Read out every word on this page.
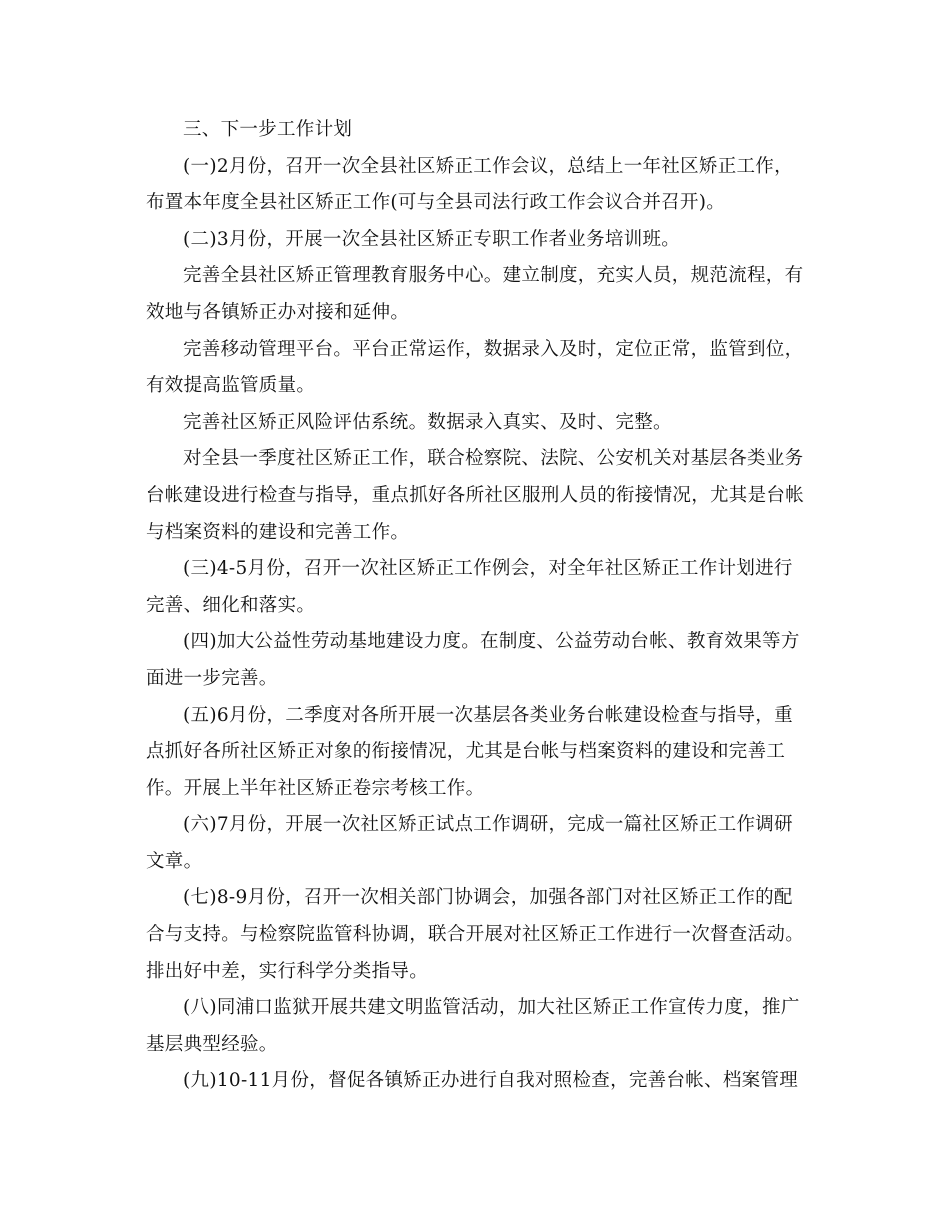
三、下一步工作计划
(一)2月份，召开一次全县社区矫正工作会议，总结上一年社区矫正工作，
布置本年度全县社区矫正工作(可与全县司法行政工作会议合并召开)。
(二)3月份，开展一次全县社区矫正专职工作者业务培训班。
完善全县社区矫正管理教育服务中心。建立制度，充实人员，规范流程，有
效地与各镇矫正办对接和延伸。
完善移动管理平台。平台正常运作，数据录入及时，定位正常，监管到位，
有效提高监管质量。
完善社区矫正风险评估系统。数据录入真实、及时、完整。
对全县一季度社区矫正工作，联合检察院、法院、公安机关对基层各类业务
台帐建设进行检查与指导，重点抓好各所社区服刑人员的衔接情况，尤其是台帐
与档案资料的建设和完善工作。
(三)4-5月份，召开一次社区矫正工作例会，对全年社区矫正工作计划进行
完善、细化和落实。
(四)加大公益性劳动基地建设力度。在制度、公益劳动台帐、教育效果等方
面进一步完善。
(五)6月份，二季度对各所开展一次基层各类业务台帐建设检查与指导，重
点抓好各所社区矫正对象的衔接情况，尤其是台帐与档案资料的建设和完善工
作。开展上半年社区矫正卷宗考核工作。
(六)7月份，开展一次社区矫正试点工作调研，完成一篇社区矫正工作调研
文章。
(七)8-9月份，召开一次相关部门协调会，加强各部门对社区矫正工作的配
合与支持。与检察院监管科协调，联合开展对社区矫正工作进行一次督查活动。
排出好中差，实行科学分类指导。
(八)同浦口监狱开展共建文明监管活动，加大社区矫正工作宣传力度，推广
基层典型经验。
(九)10-11月份，督促各镇矫正办进行自我对照检查，完善台帐、档案管理
